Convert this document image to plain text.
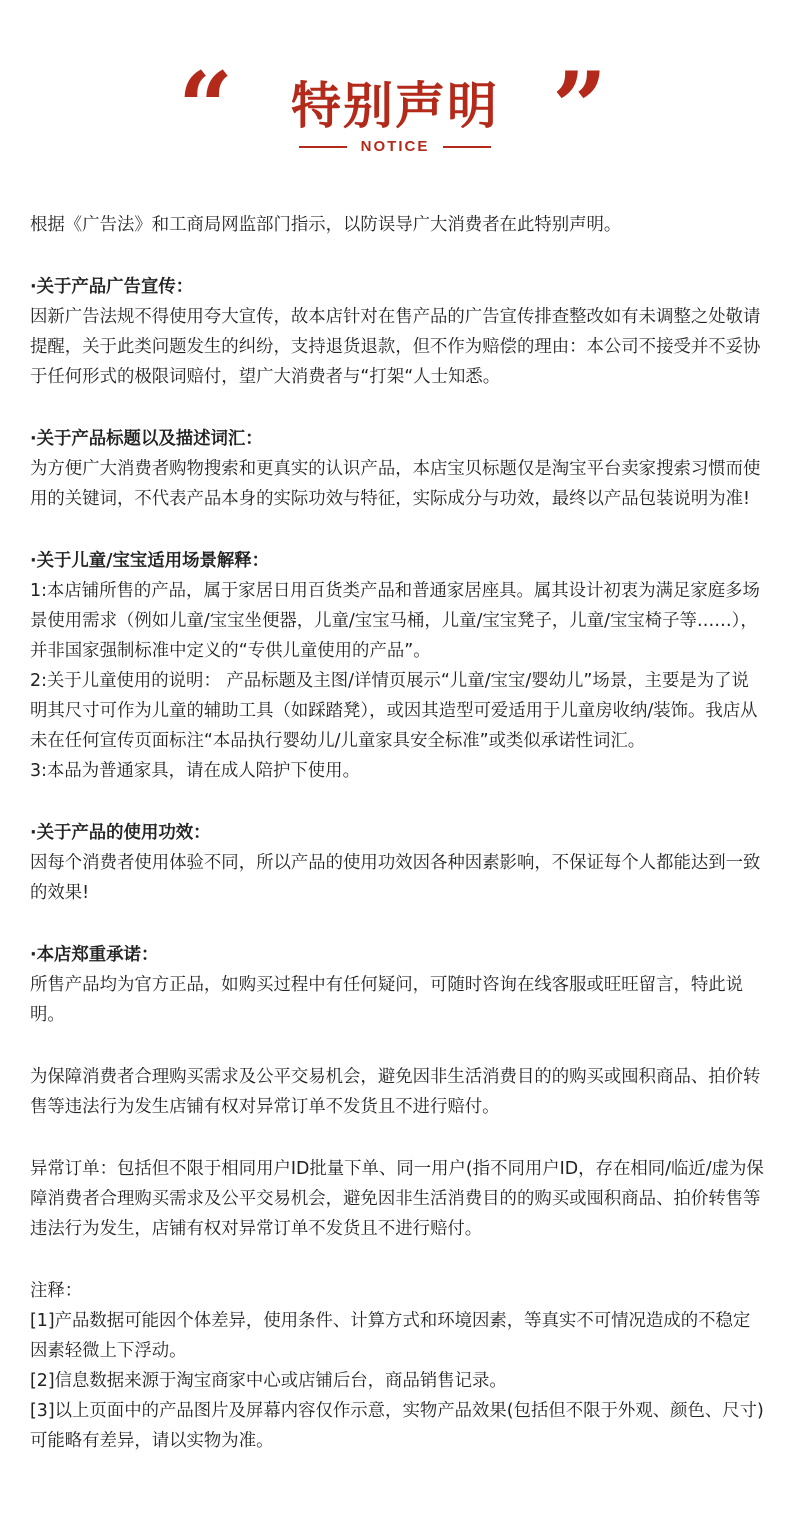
“	特别声明 ”
NOTICE

根据《广告法》和工商局网监部门指示，以防误导广大消费者在此特别声明。

·关于产品广告宣传：

因新广告法规不得使用夸大宣传，故本店针对在售产品的广告宣传排查整改如有未调整之处敬请提醒，关于此类问题发生的纠纷，支持退货退款，但不作为赔偿的理由：本公司不接受并不妥协于任何形式的极限词赔付，望广大消费者与“打架“人士知悉。

·关于产品标题以及描述词汇：

为方便广大消费者购物搜索和更真实的认识产品，本店宝贝标题仅是淘宝平台卖家搜索习惯而使用的关键词，不代表产品本身的实际功效与特征，实际成分与功效，最终以产品包装说明为准!

·关于儿童/宝宝适用场景解释：

1:本店铺所售的产品，属于家居日用百货类产品和普通家居座具。属其设计初衷为满足家庭多场景使用需求（例如儿童/宝宝坐便器，儿童/宝宝马桶，儿童/宝宝凳子，儿童/宝宝椅子等……），并非国家强制标准中定义的“专供儿童使用的产品”。

2:关于儿童使用的说明： 产品标题及主图/详情页展示“儿童/宝宝/婴幼儿”场景，主要是为了说明其尺寸可作为儿童的辅助工具（如踩踏凳），或因其造型可爱适用于儿童房收纳/装饰。我店从未在任何宣传页面标注“本品执行婴幼儿/儿童家具安全标准”或类似承诺性词汇。

3:本品为普通家具，请在成人陪护下使用。

·关于产品的使用功效：

因每个消费者使用体验不同，所以产品的使用功效因各种因素影响，不保证每个人都能达到一致的效果!

·本店郑重承诺：

所售产品均为官方正品，如购买过程中有任何疑问，可随时咨询在线客服或旺旺留言，特此说明。

为保障消费者合理购买需求及公平交易机会，避免因非生活消费目的的购买或囤积商品、拍价转售等违法行为发生店铺有权对异常订单不发货且不进行赔付。

异常订单：包括但不限于相同用户ID批量下单、同一用户(指不同用户ID，存在相同/临近/虚为保障消费者合理购买需求及公平交易机会，避免因非生活消费目的的购买或囤积商品、拍价转售等违法行为发生，店铺有权对异常订单不发货且不进行赔付。

注释：

[1]产品数据可能因个体差异，使用条件、计算方式和环境因素，等真实不可情况造成的不稳定因素轻微上下浮动。

[2]信息数据来源于淘宝商家中心或店铺后台，商品销售记录。

[3]以上页面中的产品图片及屏幕内容仅作示意，实物产品效果(包括但不限于外观、颜色、尺寸)可能略有差异，请以实物为准。
